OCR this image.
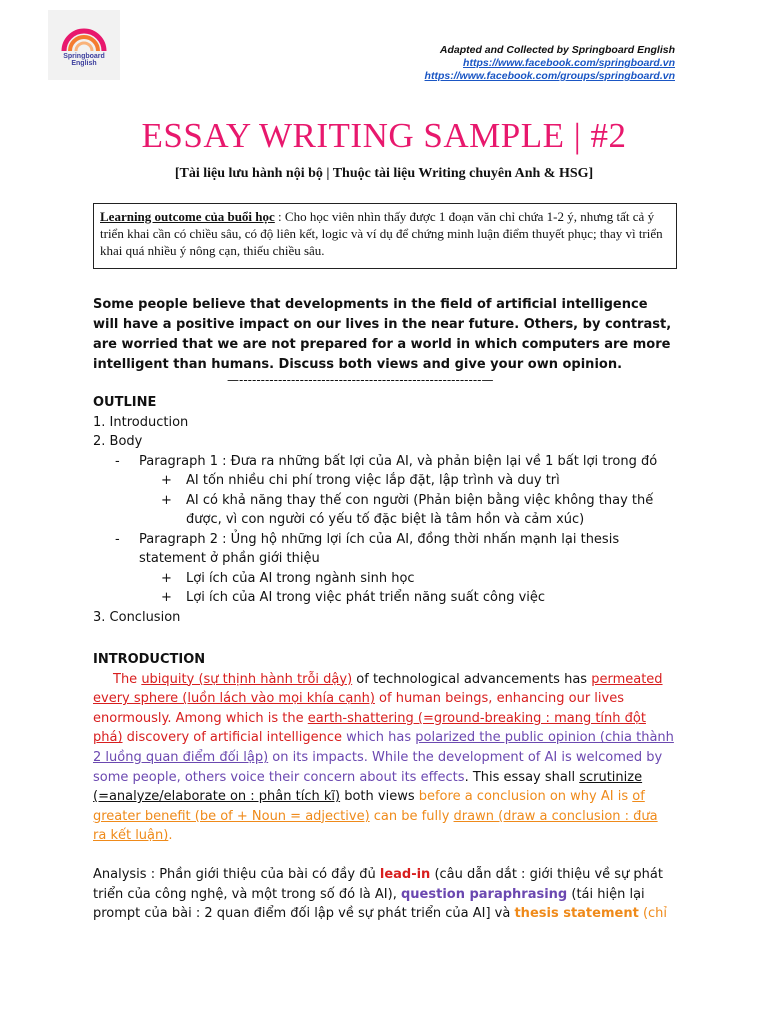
Springboard
English
Adapted and Collected by Springboard English
https://www.facebook.com/springboard.vn
https://www.facebook.com/groups/springboard.vn
ESSAY WRITING SAMPLE | #2
[Tài liệu lưu hành nội bộ | Thuộc tài liệu Writing chuyên Anh & HSG]
Learning outcome của buổi học : Cho học viên nhìn thấy được 1 đoạn văn chỉ chứa 1-2 ý, nhưng tất cả ý triển khai cần có chiều sâu, có độ liên kết, logic và ví dụ để chứng minh luận điểm thuyết phục; thay vì triển khai quá nhiều ý nông cạn, thiếu chiều sâu.
Some people believe that developments in the field of artificial intelligence will have a positive impact on our lives in the near future. Others, by contrast, are worried that we are not prepared for a world in which computers are more intelligent than humans. Discuss both views and give your own opinion.
—--------------------------------------------------------—
OUTLINE
1. Introduction
2. Body
- Paragraph 1 : Đưa ra những bất lợi của AI, và phản biện lại về 1 bất lợi trong đó
+ AI tốn nhiều chi phí trong việc lắp đặt, lập trình và duy trì
+ AI có khả năng thay thế con người (Phản biện bằng việc không thay thế được, vì con người có yếu tố đặc biệt là tâm hồn và cảm xúc)
- Paragraph 2 : Ủng hộ những lợi ích của AI, đồng thời nhấn mạnh lại thesis statement ở phần giới thiệu
+ Lợi ích của AI trong ngành sinh học
+ Lợi ích của AI trong việc phát triển năng suất công việc
3. Conclusion
INTRODUCTION
The ubiquity (sự thịnh hành trỗi dậy) of technological advancements has permeated every sphere (luồn lách vào mọi khía cạnh) of human beings, enhancing our lives enormously. Among which is the earth-shattering (=ground-breaking : mang tính đột phá) discovery of artificial intelligence which has polarized the public opinion (chia thành 2 luồng quan điểm đối lập) on its impacts. While the development of AI is welcomed by some people, others voice their concern about its effects. This essay shall scrutinize (=analyze/elaborate on : phân tích kĩ) both views before a conclusion on why AI is of greater benefit (be of + Noun = adjective) can be fully drawn (draw a conclusion : đưa ra kết luận).
Analysis : Phần giới thiệu của bài có đầy đủ lead-in (câu dẫn dắt : giới thiệu về sự phát triển của công nghệ, và một trong số đó là AI), question paraphrasing (tái hiện lại prompt của bài : 2 quan điểm đối lập về sự phát triển của AI] và thesis statement (chỉ
